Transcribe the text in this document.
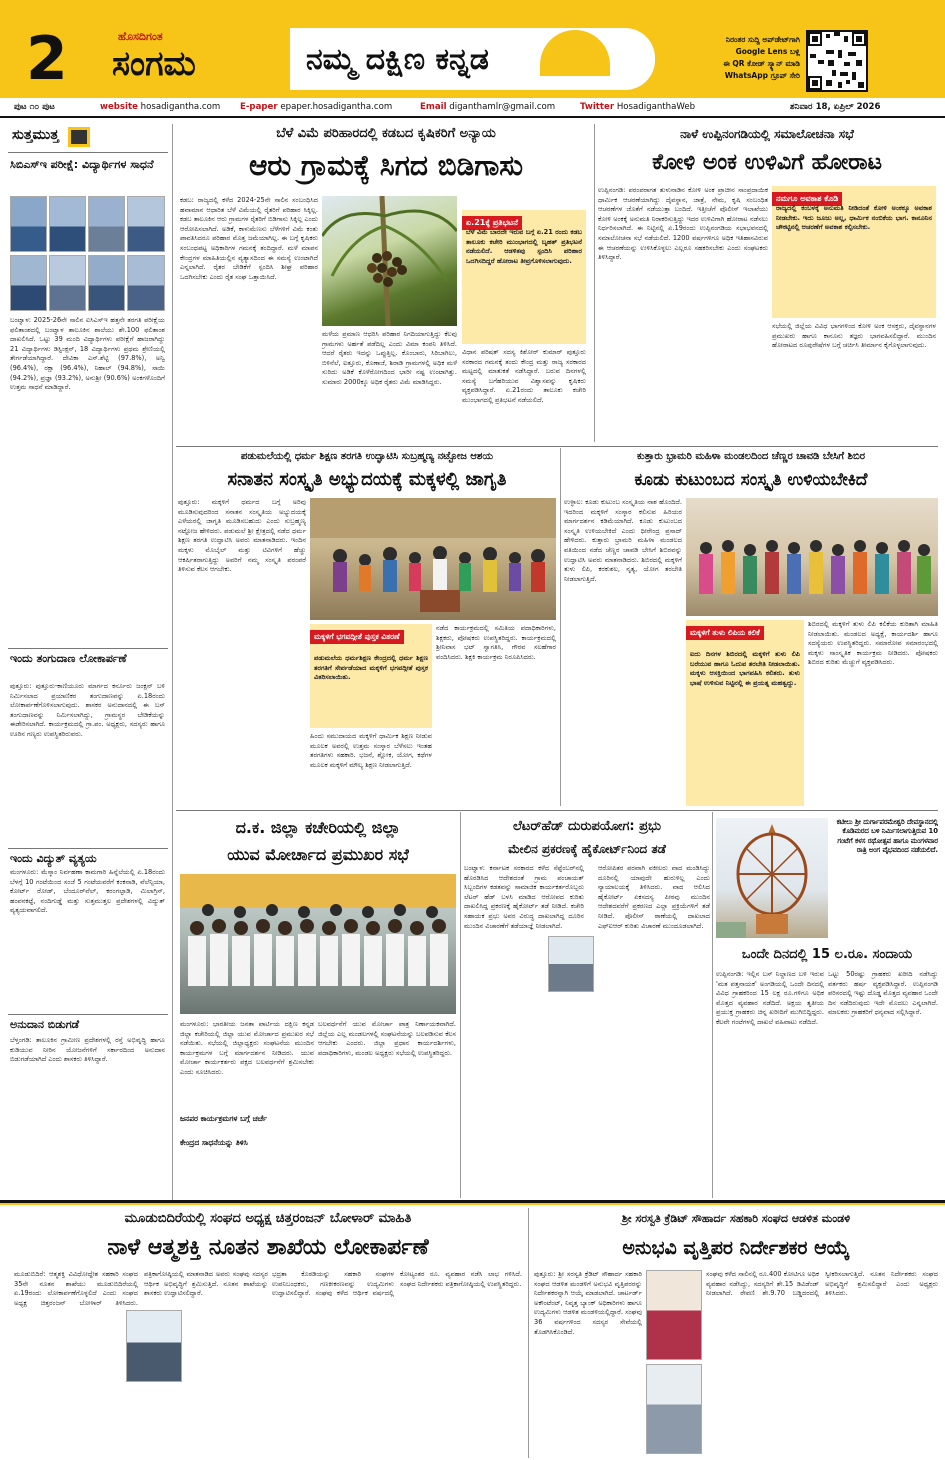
2	ಹೊಸದಿಗಂತ
ಸಂಗಮ	ನಮ್ಮ ದಕ್ಷಿಣ ಕನ್ನಡ
ನಿರಂತರ ಸುದ್ದಿ ಅಪ್‌ಡೇಟ್‌ಗಾಗಿ
Google Lens ಬಳ್ಲಿ
ಈ QR ಕೋಡ್ ಸ್ಕ್ಯಾನ್ ಮಾಡಿ
WhatsApp ಗ್ರೂಪ್ ಸೇರಿ
ಪುಟ ೧೦ ಪುಟ	website hosadigantha.com E-paper epaper.hosadigantha.com	Email diganthamlr@gmail.com	Twitter HosadiganthaWeb	ಶನಿವಾರ 18, ಏಪ್ರಿಲ್ 2026
ಸುತ್ತಮುತ್ತ
ಸಿಬಿಎಸ್‌ಇ ಪರೀಕ್ಷೆ: ವಿದ್ಯಾರ್ಥಿಗಳ ಸಾಧನೆ
ಬಂಟ್ವಾಳ: 2025-26ನೇ ಸಾಲಿನ ಐಸಿಎಸ್‌ಇ ಹತ್ತನೇ ತರಗತಿ ಪರೀಕ್ಷೆಯ ಫಲಿತಾಂಶದಲ್ಲಿ ಬಂಟ್ವಾಳ ತಾಲೂಕಿನ ಶಾಲೆಯು ಶೇ.100 ಫಲಿತಾಂಶ ದಾಖಲಿಸಿದೆ. ಒಟ್ಟು 39 ಮಂದಿ ವಿದ್ಯಾರ್ಥಿಗಳು ಪರೀಕ್ಷೆಗೆ ಹಾಜರಾಗಿದ್ದು 21 ವಿದ್ಯಾರ್ಥಿಗಳು ಡಿಸ್ಟಿಂಕ್ಷನ್, 18 ವಿದ್ಯಾರ್ಥಿಗಳು ಪ್ರಥಮ ಶ್ರೇಣಿಯಲ್ಲಿ ತೇರ್ಗಡೆಯಾಗಿದ್ದಾರೆ. ದೇವಿಕಾ ಎಸ್.ಶೆಟ್ಟಿ (97.8%), ಅನ್ವಿ (96.4%), ರಕ್ಷಾ (96.4%), ನಿಹಾಲ್ (94.8%), ಸಾಯಿ (94.2%), ಪ್ರಜ್ಞಾ (93.2%), ಅನುಶ್ರೀ (90.6%) ಅಂಕಗಳೊಂದಿಗೆ ಉತ್ತಮ ಸಾಧನೆ ಮಾಡಿದ್ದಾರೆ.
ಇಂದು ತಂಗುದಾಣ ಲೋಕಾರ್ಪಣೆ
ಪುತ್ತೂರು: ಪುತ್ತೂರು-ಕಾಣಿಯೂರು ಮಾರ್ಗದ ಕರ್ನೂರು ಜಂಕ್ಷನ್ ಬಳಿ ನಿರ್ಮಿಸಲಾದ ಪ್ರಯಾಣಿಕರ ತಂಗುದಾಣವನ್ನು ಏ.18ರಂದು ಲೋಕಾರ್ಪಣೆಗೊಳಿಸಲಾಗುವುದು. ಶಾಸಕರ ಅನುದಾನದಲ್ಲಿ ಈ ಬಸ್ ತಂಗುದಾಣವನ್ನು ನಿರ್ಮಿಸಲಾಗಿದ್ದು, ಗ್ರಾಮಸ್ಥರ ಬೇಡಿಕೆಯನ್ನು ಈಡೇರಿಸಲಾಗಿದೆ. ಕಾರ್ಯಕ್ರಮದಲ್ಲಿ ಗ್ರಾ.ಪಂ. ಅಧ್ಯಕ್ಷರು, ಸದಸ್ಯರು ಹಾಗೂ ಊರಿನ ಗಣ್ಯರು ಉಪಸ್ಥಿತರಿರುವರು.
ಇಂದು ವಿದ್ಯುತ್ ವ್ಯತ್ಯಯ
ಮಂಗಳೂರು: ಮೆಸ್ಕಾಂ ನಿರ್ವಹಣಾ ಕಾಮಗಾರಿ ಹಿನ್ನೆಲೆಯಲ್ಲಿ ಏ.18ರಂದು ಬೆಳಗ್ಗೆ 10 ಗಂಟೆಯಿಂದ ಸಂಜೆ 5 ಗಂಟೆಯವರೆಗೆ ಕಂಕನಾಡಿ, ವೆಲೆನ್ಸಿಯಾ, ಕೋರ್ಟ್ ರೋಡ್, ಬೆಂದೂರ್‌ವೆಲ್, ಕರಂಗಲ್ಪಾಡಿ, ಮಿಲಾಗ್ರಿಸ್, ಹಂಪನಕಟ್ಟೆ, ನಂದಿಗುಡ್ಡೆ ಮತ್ತು ಸುತ್ತಮುತ್ತಲ ಪ್ರದೇಶಗಳಲ್ಲಿ ವಿದ್ಯುತ್ ವ್ಯತ್ಯಯವಾಗಲಿದೆ.
ಅನುದಾನ ಬಿಡುಗಡೆ
ಬೆಳ್ತಂಗಡಿ: ತಾಲೂಕಿನ ಗ್ರಾಮೀಣ ಪ್ರದೇಶಗಳಲ್ಲಿ ರಸ್ತೆ ಅಭಿವೃದ್ಧಿ ಹಾಗೂ ಕುಡಿಯುವ ನೀರಿನ ಯೋಜನೆಗಳಿಗೆ ಸರ್ಕಾರದಿಂದ ಅನುದಾನ ಬಿಡುಗಡೆಯಾಗಿದೆ ಎಂದು ಶಾಸಕರು ತಿಳಿಸಿದ್ದಾರೆ.
ಬೆಳೆ ವಿಮೆ ಪರಿಹಾರದಲ್ಲಿ ಕಡಬದ ಕೃಷಿಕರಿಗೆ ಅನ್ಯಾಯ
ಆರು ಗ್ರಾಮಕ್ಕೆ ಸಿಗದ ಬಿಡಿಗಾಸು
ಕಡಬ: ರಾಜ್ಯದಲ್ಲಿ ಕಳೆದ 2024-25ನೇ ಸಾಲಿನ ಸಂಬಂಧಿಸಿದ ಹವಾಮಾನ ಆಧಾರಿತ ಬೆಳೆ ವಿಮೆಯಲ್ಲಿ ರೈತರಿಗೆ ಪರಿಹಾರ ಸಿಕ್ಕಿಲ್ಲ. ಕಡಬ ತಾಲೂಕಿನ ಆರು ಗ್ರಾಮಗಳ ರೈತರಿಗೆ ಬಿಡಿಗಾಸು ಸಿಕ್ಕಿಲ್ಲ ಎಂದು ಆರೋಪಿಸಲಾಗಿದೆ. ಅಡಿಕೆ, ಕಾಳುಮೆಣಸು ಬೆಳೆಗಳಿಗೆ ವಿಮೆ ಕಂತು ಪಾವತಿಸಿದರೂ ಪರಿಹಾರ ಮೊತ್ತ ಜಮೆಯಾಗಿಲ್ಲ. ಈ ಬಗ್ಗೆ ಕೃಷಿಕರು ಸಂಬಂಧಪಟ್ಟ ಅಧಿಕಾರಿಗಳ ಗಮನಕ್ಕೆ ತಂದಿದ್ದಾರೆ. ಮಳೆ ಮಾಪನ ಕೇಂದ್ರಗಳ ಮಾಹಿತಿಯಲ್ಲಿನ ವ್ಯತ್ಯಾಸದಿಂದ ಈ ಸಮಸ್ಯೆ ಉಂಟಾಗಿದೆ ಎನ್ನಲಾಗಿದೆ. ರೈತರ ಬೇಡಿಕೆಗೆ ಸ್ಪಂದಿಸಿ ಶೀಘ್ರ ಪರಿಹಾರ ಒದಗಿಸಬೇಕು ಎಂದು ರೈತ ಸಂಘ ಒತ್ತಾಯಿಸಿದೆ.
ಮಳೆಯ ಪ್ರಮಾಣ ಆಧರಿಸಿ ಪರಿಹಾರ ನಿಗದಿಯಾಗುತ್ತಿದ್ದು ಕೆಲವು ಗ್ರಾಮಗಳು ಅರ್ಹತೆ ಪಡೆದಿಲ್ಲ ಎಂದು ವಿಮಾ ಕಂಪನಿ ತಿಳಿಸಿದೆ. ಆದರೆ ರೈತರು ಇದನ್ನು ಒಪ್ಪುತ್ತಿಲ್ಲ. ಕೊಂಬಾರು, ಸಿರಿಬಾಗಿಲು, ಬಿಳಿನೆಲೆ, ಐತ್ತೂರು, ಕೊಣಾಜೆ, ಶಿರಾಡಿ ಗ್ರಾಮಗಳಲ್ಲಿ ಅಧಿಕ ಮಳೆ ಸುರಿದು ಅಡಿಕೆ ಕೊಳೆರೋಗದಿಂದ ಭಾರೀ ನಷ್ಟ ಉಂಟಾಗಿತ್ತು. ಸುಮಾರು 2000ಕ್ಕೂ ಅಧಿಕ ರೈತರು ವಿಮೆ ಮಾಡಿಸಿದ್ದರು.
ಏ.21ಕ್ಕೆ ಪ್ರತಿಭಟನೆ
ಬೆಳೆ ವಿಮೆ ಬಾರದೇ ಇರುವ ಬಗ್ಗೆ ಏ.21 ರಂದು ಕಡಬ ತಾಲೂಕು ಕಚೇರಿ ಮುಂಭಾಗದಲ್ಲಿ ಬೃಹತ್ ಪ್ರತಿಭಟನೆ ನಡೆಯಲಿದೆ. ಆಡಳಿತವು ಸ್ಪಂದಿಸಿ ಪರಿಹಾರ ಒದಗಿಸದಿದ್ದರೆ ಹೋರಾಟ ತೀವ್ರಗೊಳಿಸಲಾಗುವುದು.
ವಿಧಾನ ಪರಿಷತ್ ಸದಸ್ಯ ಕಿಶೋರ್ ಕುಮಾರ್ ಪುತ್ತೂರು ಸರಕಾರದ ಗಮನಕ್ಕೆ ತಂದು ಕೇಂದ್ರ ಮತ್ತು ರಾಜ್ಯ ಸರಕಾರದ ಮಟ್ಟದಲ್ಲಿ ಮಾತುಕತೆ ನಡೆಸಿದ್ದಾರೆ. ಬರುವ ದಿನಗಳಲ್ಲಿ ಸಮಸ್ಯೆ ಬಗೆಹರಿಯುವ ವಿಶ್ವಾಸವನ್ನು ಕೃಷಿಕರು ವ್ಯಕ್ತಪಡಿಸಿದ್ದಾರೆ. ಏ.21ರಂದು ತಾಲೂಕು ಕಚೇರಿ ಮುಂಭಾಗದಲ್ಲಿ ಪ್ರತಿಭಟನೆ ನಡೆಯಲಿದೆ.
ನಾಳೆ ಉಪ್ಪಿನಂಗಡಿಯಲ್ಲಿ ಸಮಾಲೋಚನಾ ಸಭೆ
ಕೋಳಿ ಅಂಕ ಉಳಿವಿಗೆ ಹೋರಾಟ
ಉಪ್ಪಿನಂಗಡಿ: ಪರಂಪರಾಗತ ತುಳುನಾಡಿನ ಕೋಳಿ ಅಂಕ ಪ್ರಾಚೀನ ಸಾಂಪ್ರದಾಯಿಕ ಧಾರ್ಮಿಕ ಆಚರಣೆಯಾಗಿದ್ದು ದೈವಸ್ಥಾನ, ಜಾತ್ರೆ, ನೇಮ, ಕೃಷಿ ಸಂಬಂಧಿತ ಆಚರಣೆಗಳ ಜೊತೆಗೆ ನಡೆಯುತ್ತಾ ಬಂದಿದೆ. ಇತ್ತೀಚೆಗೆ ಪೊಲೀಸ್ ಇಲಾಖೆಯು ಕೋಳಿ ಅಂಕಕ್ಕೆ ಅನುಮತಿ ನಿರಾಕರಿಸುತ್ತಿದ್ದು ಇದರ ಉಳಿವಿಗಾಗಿ ಹೋರಾಟ ನಡೆಸಲು ನಿರ್ಧರಿಸಲಾಗಿದೆ. ಈ ನಿಟ್ಟಿನಲ್ಲಿ ಏ.19ರಂದು ಉಪ್ಪಿನಂಗಡಿಯ ಸಭಾಭವನದಲ್ಲಿ ಸಮಾಲೋಚನಾ ಸಭೆ ನಡೆಯಲಿದೆ. 1200 ವರ್ಷಗಳಿಗೂ ಅಧಿಕ ಇತಿಹಾಸವಿರುವ ಈ ಆಚರಣೆಯನ್ನು ಉಳಿಸಿಕೊಳ್ಳಲು ಎಲ್ಲರೂ ಸಹಕರಿಸಬೇಕು ಎಂದು ಸಂಘಟಕರು ತಿಳಿಸಿದ್ದಾರೆ.
ನಮಗೂ ಅವಕಾಶ ಕೊಡಿ
ರಾಜ್ಯದಲ್ಲಿ ಕಂಬಳಕ್ಕೆ ಅನುಮತಿ ನೀಡಿದಂತೆ ಕೋಳಿ ಅಂಕಕ್ಕೂ ಅವಕಾಶ ನೀಡಬೇಕು. ಇದು ಜೂಜು ಅಲ್ಲ, ಧಾರ್ಮಿಕ ನಂಬಿಕೆಯ ಭಾಗ. ಕಾನೂನಿನ ಚೌಕಟ್ಟಿನಲ್ಲಿ ಆಚರಣೆಗೆ ಅವಕಾಶ ಕಲ್ಪಿಸಬೇಕು.
ಸಭೆಯಲ್ಲಿ ಜಿಲ್ಲೆಯ ವಿವಿಧ ಭಾಗಗಳಿಂದ ಕೋಳಿ ಅಂಕ ಆಸಕ್ತರು, ದೈವಸ್ಥಾನಗಳ ಪ್ರಮುಖರು ಹಾಗೂ ಕಾನೂನು ತಜ್ಞರು ಭಾಗವಹಿಸಲಿದ್ದಾರೆ. ಮುಂದಿನ ಹೋರಾಟದ ರೂಪುರೇಷೆಗಳ ಬಗ್ಗೆ ಚರ್ಚಿಸಿ ತೀರ್ಮಾನ ಕೈಗೊಳ್ಳಲಾಗುವುದು.
ಪಡುಮಲೆಯಲ್ಲಿ ಧರ್ಮ ಶಿಕ್ಷಣ ತರಗತಿ ಉದ್ಘಾಟಿಸಿ ಸುಬ್ರಹ್ಮಣ್ಯ ನಟ್ಟೋಜ ಆಶಯ
ಸನಾತನ ಸಂಸ್ಕೃತಿ ಅಭ್ಯುದಯಕ್ಕೆ ಮಕ್ಕಳಲ್ಲಿ ಜಾಗೃತಿ
ಪುತ್ತೂರು: ಮಕ್ಕಳಿಗೆ ಧರ್ಮದ ಬಗ್ಗೆ ಅರಿವು ಮೂಡಿಸುವುದರಿಂದ ಸನಾತನ ಸಂಸ್ಕೃತಿಯ ಅಭ್ಯುದಯಕ್ಕೆ ಎಳೆಯರಲ್ಲಿ ಜಾಗೃತಿ ಮೂಡಿಸಬಹುದು ಎಂದು ಸುಬ್ರಹ್ಮಣ್ಯ ನಟ್ಟೋಜ ಹೇಳಿದರು. ಪಡುಮಲೆ ಶ್ರೀ ಕ್ಷೇತ್ರದಲ್ಲಿ ನಡೆದ ಧರ್ಮ ಶಿಕ್ಷಣ ತರಗತಿ ಉದ್ಘಾಟಿಸಿ ಅವರು ಮಾತನಾಡಿದರು. ಇಂದಿನ ಮಕ್ಕಳು ಮೊಬೈಲ್ ಮತ್ತು ಟಿವಿಗಳಿಗೆ ಹೆಚ್ಚು ಆಕರ್ಷಿತರಾಗುತ್ತಿದ್ದು ಅವರಿಗೆ ನಮ್ಮ ಸಂಸ್ಕೃತಿ ಪರಂಪರೆ ತಿಳಿಸುವ ಕೆಲಸ ಆಗಬೇಕು.
ಮಕ್ಕಳಿಗೆ ಭಗವದ್ಗೀತೆ ಪುಸ್ತಕ ವಿತರಣೆ
ಪಡುಮಲೆಯ ಧರ್ಮಶಿಕ್ಷಣ ಕೇಂದ್ರದಲ್ಲಿ ಧರ್ಮ ಶಿಕ್ಷಣ ತರಗತಿಗೆ ಸೇರ್ಪಡೆಯಾದ ಮಕ್ಕಳಿಗೆ ಭಗವದ್ಗೀತೆ ಪುಸ್ತಕ ವಿತರಿಸಲಾಯಿತು.
ಹಿಂದು ಸಮುದಾಯದ ಮಕ್ಕಳಿಗೆ ಧಾರ್ಮಿಕ ಶಿಕ್ಷಣ ನೀಡುವ ಮೂಲಕ ಅವರಲ್ಲಿ ಉತ್ತಮ ಸಂಸ್ಕಾರ ಬೆಳೆಸಲು ಇಂತಹ ತರಗತಿಗಳು ಸಹಕಾರಿ. ಭಜನೆ, ಶ್ಲೋಕ, ಯೋಗ, ಕಥೆಗಳ ಮೂಲಕ ಮಕ್ಕಳಿಗೆ ಮೌಲ್ಯ ಶಿಕ್ಷಣ ನೀಡಲಾಗುತ್ತಿದೆ.
ನಡೆದ ಕಾರ್ಯಕ್ರಮದಲ್ಲಿ ಸಮಿತಿಯ ಪದಾಧಿಕಾರಿಗಳು, ಶಿಕ್ಷಕರು, ಪೋಷಕರು ಉಪಸ್ಥಿತರಿದ್ದರು. ಕಾರ್ಯಕ್ರಮದಲ್ಲಿ ಶ್ರೀನಿವಾಸ ಭಟ್ ಸ್ವಾಗತಿಸಿ, ಗೌರವ ಸಲಹೆಗಾರ ವಂದಿಸಿದರು. ಶಿಕ್ಷಕಿ ಕಾರ್ಯಕ್ರಮ ನಿರೂಪಿಸಿದರು.
ಕುತ್ತಾರು ಭ್ರಾಮರಿ ಮಹಿಳಾ ಮಂಡಲದಿಂದ ಚೆಣ್ಣರ ಚಾವಡಿ ಬೇಸಿಗೆ ಶಿಬಿರ
ಕೂಡು ಕುಟುಂಬದ ಸಂಸ್ಕೃತಿ ಉಳಿಯಬೇಕಿದೆ
ಉಳ್ಳಾಲ: ಕೂಡು ಕುಟುಂಬ ಸಂಸ್ಕೃತಿಯ ನಾಶ ಹೊಂದಿದೆ. ಇದರಿಂದ ಮಕ್ಕಳಿಗೆ ಸಂಸ್ಕಾರ ಕಲಿಸುವ ಹಿರಿಯರ ಮಾರ್ಗದರ್ಶನ ಕಡಿಮೆಯಾಗಿದೆ. ಕೂಡು ಕುಟುಂಬದ ಸಂಸ್ಕೃತಿ ಉಳಿಯಬೇಕಿದೆ ಎಂದು ಧೀರೇಂದ್ರ ಪ್ರಸಾದ್ ಹೇಳಿದರು. ಕುತ್ತಾರು ಭ್ರಾಮರಿ ಮಹಿಳಾ ಮಂಡಲದ ವತಿಯಿಂದ ನಡೆದ ಚೆಣ್ಣರ ಚಾವಡಿ ಬೇಸಿಗೆ ಶಿಬಿರವನ್ನು ಉದ್ಘಾಟಿಸಿ ಅವರು ಮಾತನಾಡಿದರು. ಶಿಬಿರದಲ್ಲಿ ಮಕ್ಕಳಿಗೆ ತುಳು ಲಿಪಿ, ಕರಕುಶಲ, ನೃತ್ಯ, ಯೋಗ ತರಬೇತಿ ನೀಡಲಾಗುತ್ತಿದೆ.
ಮಕ್ಕಳಿಗೆ ತುಳು ಲಿಪಿಯ ಕಲಿಕೆ
ಐದು ದಿನಗಳ ಶಿಬಿರದಲ್ಲಿ ಮಕ್ಕಳಿಗೆ ತುಳು ಲಿಪಿ ಬರೆಯುವ ಹಾಗೂ ಓದುವ ತರಬೇತಿ ನೀಡಲಾಯಿತು. ಮಕ್ಕಳು ಆಸಕ್ತಿಯಿಂದ ಭಾಗವಹಿಸಿ ಕಲಿತರು. ತುಳು ಭಾಷೆ ಉಳಿಸುವ ನಿಟ್ಟಿನಲ್ಲಿ ಈ ಪ್ರಯತ್ನ ಮಹತ್ವದ್ದು.
ಶಿಬಿರದಲ್ಲಿ ಮಕ್ಕಳಿಗೆ ತುಳು ಲಿಪಿ ಕಲಿಕೆಯ ಕುರಿತಾಗಿ ಮಾಹಿತಿ ನೀಡಲಾಯಿತು. ಮಂಡಲದ ಅಧ್ಯಕ್ಷೆ, ಕಾರ್ಯದರ್ಶಿ ಹಾಗೂ ಸದಸ್ಯೆಯರು ಉಪಸ್ಥಿತರಿದ್ದರು. ಸಮಾರೋಪ ಸಮಾರಂಭದಲ್ಲಿ ಮಕ್ಕಳು ಸಾಂಸ್ಕೃತಿಕ ಕಾರ್ಯಕ್ರಮ ನೀಡಿದರು. ಪೋಷಕರು ಶಿಬಿರದ ಕುರಿತು ಮೆಚ್ಚುಗೆ ವ್ಯಕ್ತಪಡಿಸಿದರು.
ದ.ಕ. ಜಿಲ್ಲಾ ಕಚೇರಿಯಲ್ಲಿ ಜಿಲ್ಲಾ
ಯುವ ಮೋರ್ಚಾದ ಪ್ರಮುಖರ ಸಭೆ
ಮಂಗಳೂರು: ಭಾರತೀಯ ಜನತಾ ಪಾರ್ಟಿಯ ದಕ್ಷಿಣ ಕನ್ನಡ ಜಿಲ್ಲಾ ಕಚೇರಿಯಲ್ಲಿ ಜಿಲ್ಲಾ ಯುವ ಮೋರ್ಚಾದ ಪ್ರಮುಖರ ಸಭೆ ನಡೆಯಿತು. ಸಭೆಯಲ್ಲಿ ಜಿಲ್ಲಾಧ್ಯಕ್ಷರು ಸಂಘಟನೆಯ ಮುಂದಿನ ಕಾರ್ಯಕ್ರಮಗಳ ಬಗ್ಗೆ ಮಾರ್ಗದರ್ಶನ ನೀಡಿದರು. ಯುವ ಮೋರ್ಚಾ ಕಾರ್ಯಕರ್ತರು ಪಕ್ಷದ ಬಲವರ್ಧನೆಗೆ ಶ್ರಮಿಸಬೇಕು ಎಂದು ಸೂಚಿಸಿದರು.
ಜನಪರ ಕಾರ್ಯಕ್ರಮಗಳ ಬಗ್ಗೆ ಚರ್ಚೆ
ಬಲವರ್ಧನೆಗೆ ಯುವ ಮೋರ್ಚಾ ಪಾತ್ರ ನಿರ್ಣಾಯಕವಾಗಿದೆ. ಜಿಲ್ಲೆಯ ಎಲ್ಲ ಮಂಡಲಗಳಲ್ಲಿ ಸಂಘಟನೆಯನ್ನು ಬಲಪಡಿಸುವ ಕೆಲಸ ಆಗಬೇಕು ಎಂದರು. ಜಿಲ್ಲಾ ಪ್ರಧಾನ ಕಾರ್ಯದರ್ಶಿಗಳು, ಪದಾಧಿಕಾರಿಗಳು, ಮಂಡಲ ಅಧ್ಯಕ್ಷರು ಸಭೆಯಲ್ಲಿ ಉಪಸ್ಥಿತರಿದ್ದರು.
ಕೇಂದ್ರದ ಸಾಧನೆಯನ್ನು ತಿಳಿಸಿ
ಲೆಟರ್‌ಹೆಡ್ ದುರುಪಯೋಗ: ಪ್ರಭು
ಮೇಲಿನ ಪ್ರಕರಣಕ್ಕೆ ಹೈಕೋರ್ಟ್‌ನಿಂದ ತಡೆ
ಬಂಟ್ವಾಳ: ಕರ್ನಾಟಕ ಸರಕಾರದ ಕಳೆದ ಸೆಪ್ಟೆಂಬರ್‌ನಲ್ಲಿ ಹೊರಡಿಸಿದ ಆದೇಶದಂತೆ ಗ್ರಾಮ ಪಂಚಾಯತ್ ಸಿಬ್ಬಂದಿಗಳ ಕಡತವನ್ನು ಸಾಮಾಜಿಕ ಕಾರ್ಯಕರ್ತರೊಬ್ಬರು ಲೆಟರ್ ಹೆಡ್ ಬಳಸಿ ಮಾಡಿದ ಆರೋಪದ ಕುರಿತು ದಾಖಲಿಸಿದ್ದ ಪ್ರಕರಣಕ್ಕೆ ಹೈಕೋರ್ಟ್ ತಡೆ ನೀಡಿದೆ. ಕಚೇರಿ ಸಹಾಯಕ ಪ್ರಭು ಅವರ ವಿರುದ್ಧ ದಾಖಲಾಗಿದ್ದ ದೂರಿನ ಮುಂದಿನ ವಿಚಾರಣೆಗೆ ತಡೆಯಾಜ್ಞೆ ನೀಡಲಾಗಿದೆ.
ಆರೋಪಿತರ ಪರವಾಗಿ ವಕೀಲರು ವಾದ ಮಂಡಿಸಿದ್ದು ದೂರಿನಲ್ಲಿ ಯಾವುದೇ ಹುರುಳಿಲ್ಲ ಎಂದು ನ್ಯಾಯಾಲಯಕ್ಕೆ ತಿಳಿಸಿದರು. ವಾದ ಆಲಿಸಿದ ಹೈಕೋರ್ಟ್ ಏಕಸದಸ್ಯ ಪೀಠವು ಮುಂದಿನ ಆದೇಶದವರೆಗೆ ಪ್ರಕರಣದ ಎಲ್ಲಾ ಪ್ರಕ್ರಿಯೆಗಳಿಗೆ ತಡೆ ನೀಡಿದೆ. ಪೊಲೀಸ್ ಠಾಣೆಯಲ್ಲಿ ದಾಖಲಾದ ಎಫ್‌ಐಆರ್ ಕುರಿತು ವಿಚಾರಣೆ ಮುಂದೂಡಲಾಗಿದೆ.
ಕಟೀಲು ಶ್ರೀ ದುರ್ಗಾಪರಮೇಶ್ವರಿ ದೇವಸ್ಥಾನದಲ್ಲಿ ಕೊಡಿಮರದ ಬಳಿ ನಿರ್ಮಿಸಲಾಗುತ್ತಿರುವ 10 ಗಂಟೆಗೆ ಕಳಸ ರಥೋತ್ಸವ ಹಾಗೂ ಮಂಗಳವಾರ ರಾತ್ರಿ ಅಂಗ ವೈಭವದಿಂದ ನಡೆಯಲಿದೆ.
ಒಂದೇ ದಿನದಲ್ಲಿ 15 ಲ.ರೂ. ಸಂದಾಯ
ಉಪ್ಪಿನಂಗಡಿ: ಇಲ್ಲಿನ ಬಸ್ ನಿಲ್ದಾಣದ ಬಳಿ ಇರುವ 'ಮತ ಪತ್ತನಾಯಕ' ಅಂಗಡಿಯಲ್ಲಿ ಒಂದೇ ದಿನದಲ್ಲಿ ವಿವಿಧ ಗ್ರಾಹಕರಿಂದ 15 ಲಕ್ಷ ರೂ.ಗಳಿಗೂ ಅಧಿಕ ಮೊತ್ತದ ವ್ಯವಹಾರ ನಡೆದಿದೆ. ಅಕ್ಷಯ ತೃತೀಯ ಪ್ರಯುಕ್ತ ಗ್ರಾಹಕರು ಚಿನ್ನ ಖರೀದಿಗೆ ಮುಗಿಬಿದ್ದಿದ್ದರು. ಕೆಲವೇ ಗಂಟೆಗಳಲ್ಲಿ ದಾಖಲೆ ವಹಿವಾಟು ನಡೆದಿದೆ.
ಒಟ್ಟು 50ರಷ್ಟು ಗ್ರಾಹಕರು ಖರೀದಿ ನಡೆಸಿದ್ದು ವರ್ತಕರು ಹರ್ಷ ವ್ಯಕ್ತಪಡಿಸಿದ್ದಾರೆ. ಉಪ್ಪಿನಂಗಡಿ ಪರಿಸರದಲ್ಲಿ ಇಷ್ಟು ದೊಡ್ಡ ಮೊತ್ತದ ವ್ಯವಹಾರ ಒಂದೇ ದಿನ ನಡೆದಿರುವುದು ಇದೇ ಮೊದಲು ಎನ್ನಲಾಗಿದೆ. ಮಾಲಕರು ಗ್ರಾಹಕರಿಗೆ ಧನ್ಯವಾದ ಸಲ್ಲಿಸಿದ್ದಾರೆ.
ಮೂಡುಬಿದಿರೆಯಲ್ಲಿ ಸಂಘದ ಅಧ್ಯಕ್ಷ ಚಿತ್ತರಂಜನ್ ಬೋಳಾರ್ ಮಾಹಿತಿ
ನಾಳೆ ಆತ್ಮಶಕ್ತಿ ನೂತನ ಶಾಖೆಯ ಲೋಕಾರ್ಪಣೆ
ಮೂಡುಬಿದಿರೆ: ಆತ್ಮಶಕ್ತಿ ವಿವಿಧೋದ್ದೇಶ ಸಹಕಾರಿ ಸಂಘದ 35ನೇ ನೂತನ ಶಾಖೆಯು ಮೂಡುಬಿದಿರೆಯಲ್ಲಿ ಏ.19ರಂದು ಲೋಕಾರ್ಪಣೆಗೊಳ್ಳಲಿದೆ ಎಂದು ಸಂಘದ ಅಧ್ಯಕ್ಷ ಚಿತ್ತರಂಜನ್ ಬೋಳಾರ್ ತಿಳಿಸಿದರು. ಪತ್ರಿಕಾಗೋಷ್ಠಿಯಲ್ಲಿ ಮಾತನಾಡಿದ ಅವರು ಸಂಘವು ಸದಸ್ಯರ ಆರ್ಥಿಕ ಅಭಿವೃದ್ಧಿಗೆ ಶ್ರಮಿಸುತ್ತಿದೆ. ನೂತನ ಶಾಖೆಯನ್ನು ಶಾಸಕರು ಉದ್ಘಾಟಿಸಲಿದ್ದಾರೆ.
ಭದ್ರತಾ ಕೊಠಡಿಯನ್ನು ಸಹಕಾರಿ ಸಂಘಗಳ ಉಪನಿಬಂಧಕರು, ಗಣಕೀಕರಣವನ್ನು ಉದ್ಯಮಿಗಳು ಉದ್ಘಾಟಿಸಲಿದ್ದಾರೆ. ಸಂಘವು ಕಳೆದ ಆರ್ಥಿಕ ವರ್ಷದಲ್ಲಿ ಕೋಟ್ಯಂತರ ರೂ. ವ್ಯವಹಾರ ನಡೆಸಿ ಲಾಭ ಗಳಿಸಿದೆ. ಸಂಘದ ನಿರ್ದೇಶಕರು ಪತ್ರಿಕಾಗೋಷ್ಠಿಯಲ್ಲಿ ಉಪಸ್ಥಿತರಿದ್ದರು.
ಶ್ರೀ ಸರಸ್ವತಿ ಕ್ರೆಡಿಟ್ ಸೌಹಾರ್ದ ಸಹಕಾರಿ ಸಂಘದ ಆಡಳಿತ ಮಂಡಳಿ
ಅನುಭವಿ ವೃತ್ತಿಪರ ನಿರ್ದೇಶಕರ ಆಯ್ಕೆ
ಪುತ್ತೂರು: ಶ್ರೀ ಸರಸ್ವತಿ ಕ್ರೆಡಿಟ್ ಸೌಹಾರ್ದ ಸಹಕಾರಿ ಸಂಘದ ಆಡಳಿತ ಮಂಡಳಿಗೆ ಅನುಭವಿ ವೃತ್ತಿಪರರನ್ನು ನಿರ್ದೇಶಕರನ್ನಾಗಿ ಆಯ್ಕೆ ಮಾಡಲಾಗಿದೆ. ಚಾರ್ಟರ್ಡ್ ಅಕೌಂಟೆಂಟ್, ನಿವೃತ್ತ ಬ್ಯಾಂಕ್ ಅಧಿಕಾರಿಗಳು ಹಾಗೂ ಉದ್ಯಮಿಗಳು ಆಡಳಿತ ಮಂಡಳಿಯಲ್ಲಿದ್ದಾರೆ. ಸಂಘವು 36 ವರ್ಷಗಳಿಂದ ಸದಸ್ಯರ ಸೇವೆಯಲ್ಲಿ ತೊಡಗಿಸಿಕೊಂಡಿದೆ.
ಸಂಘವು ಕಳೆದ ಸಾಲಿನಲ್ಲಿ ರೂ.400 ಕೋಟಿಗೂ ಅಧಿಕ ವ್ಯವಹಾರ ನಡೆಸಿದ್ದು, ಸದಸ್ಯರಿಗೆ ಶೇ.15 ಡಿವಿಡೆಂಡ್ ನೀಡಲಾಗಿದೆ. ಠೇವಣಿ ಶೇ.9.70 ಬಡ್ಡಿದರದಲ್ಲಿ ಸ್ವೀಕರಿಸಲಾಗುತ್ತಿದೆ. ನೂತನ ನಿರ್ದೇಶಕರು ಸಂಘದ ಅಭಿವೃದ್ಧಿಗೆ ಶ್ರಮಿಸಲಿದ್ದಾರೆ ಎಂದು ಅಧ್ಯಕ್ಷರು ತಿಳಿಸಿದರು.
